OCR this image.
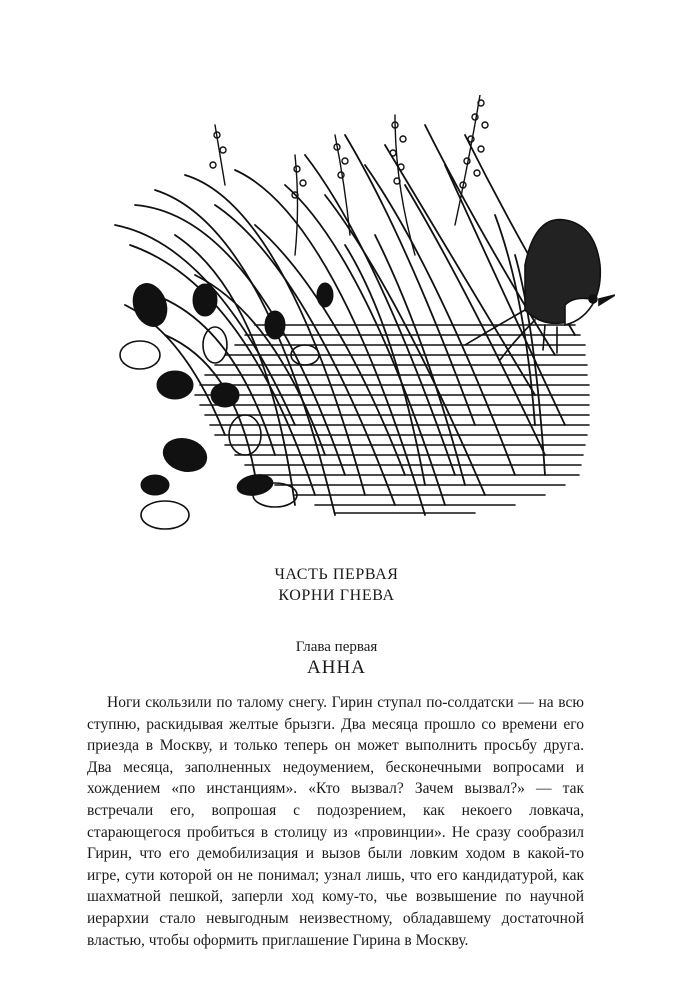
ЧАСТЬ ПЕРВАЯ
КОРНИ ГНЕВА
Глава первая
АННА

Ноги скользили по талому снегу. Гирин ступал по-солдатски — на всю ступню, раскидывая желтые брызги. Два месяца прошло со времени его приезда в Москву, и только теперь он может выполнить просьбу друга. Два месяца, заполненных недоумением, бесконечными вопросами и хождением «по инстанциям». «Кто вызвал? Зачем вызвал?» — так встречали его, вопрошая с подозрением, как некоего ловкача, старающегося пробиться в столицу из «провинции». Не сразу сообразил Гирин, что его демобилизация и вызов были ловким ходом в какой-то игре, сути которой он не понимал; узнал лишь, что его кандидатурой, как шахматной пешкой, заперли ход кому-то, чье возвышение по научной иерархии стало невыгодным неизвестному, обладавшему достаточной властью, чтобы оформить приглашение Гирина в Москву.
